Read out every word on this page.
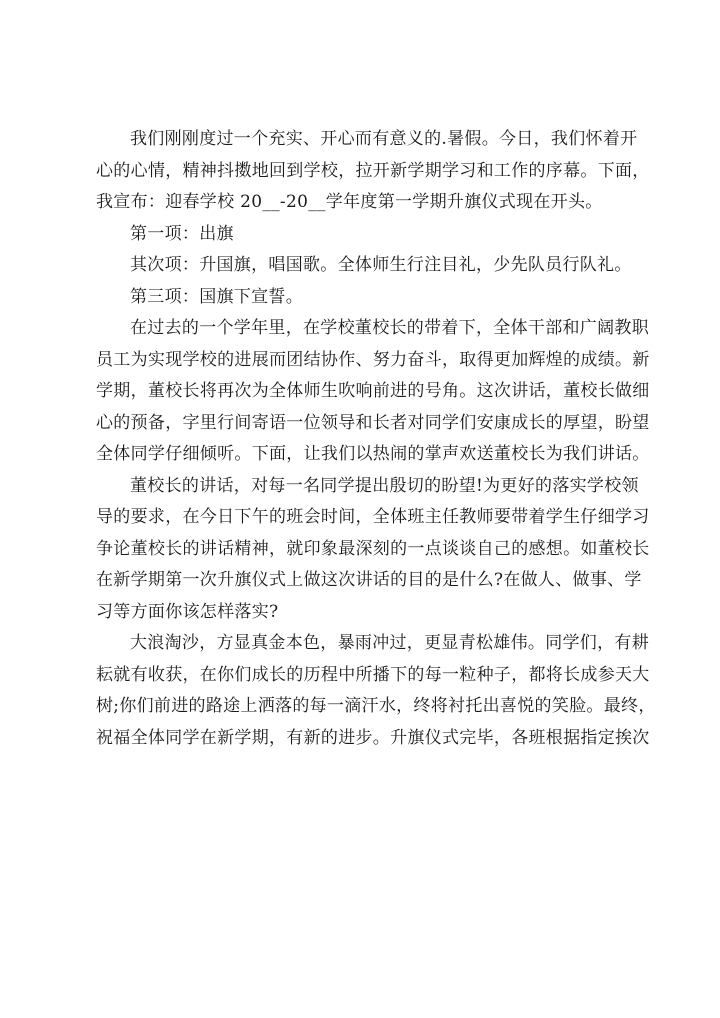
我们刚刚度过一个充实、开心而有意义的.暑假。今日，我们怀着开
心的心情，精神抖擞地回到学校，拉开新学期学习和工作的序幕。下面，
我宣布：迎春学校 20__-20__学年度第一学期升旗仪式现在开头。
第一项：出旗
其次项：升国旗，唱国歌。全体师生行注目礼，少先队员行队礼。
第三项：国旗下宣誓。
在过去的一个学年里，在学校董校长的带着下，全体干部和广阔教职
员工为实现学校的进展而团结协作、努力奋斗，取得更加辉煌的成绩。新
学期，董校长将再次为全体师生吹响前进的号角。这次讲话，董校长做细
心的预备，字里行间寄语一位领导和长者对同学们安康成长的厚望，盼望
全体同学仔细倾听。下面，让我们以热闹的掌声欢送董校长为我们讲话。
董校长的讲话，对每一名同学提出殷切的盼望!为更好的落实学校领
导的要求，在今日下午的班会时间，全体班主任教师要带着学生仔细学习
争论董校长的讲话精神，就印象最深刻的一点谈谈自己的感想。如董校长
在新学期第一次升旗仪式上做这次讲话的目的是什么?在做人、做事、学
习等方面你该怎样落实?
大浪淘沙，方显真金本色，暴雨冲过，更显青松雄伟。同学们，有耕
耘就有收获，在你们成长的历程中所播下的每一粒种子，都将长成参天大
树;你们前进的路途上洒落的每一滴汗水，终将衬托出喜悦的笑脸。最终，
祝福全体同学在新学期，有新的进步。升旗仪式完毕，各班根据指定挨次
